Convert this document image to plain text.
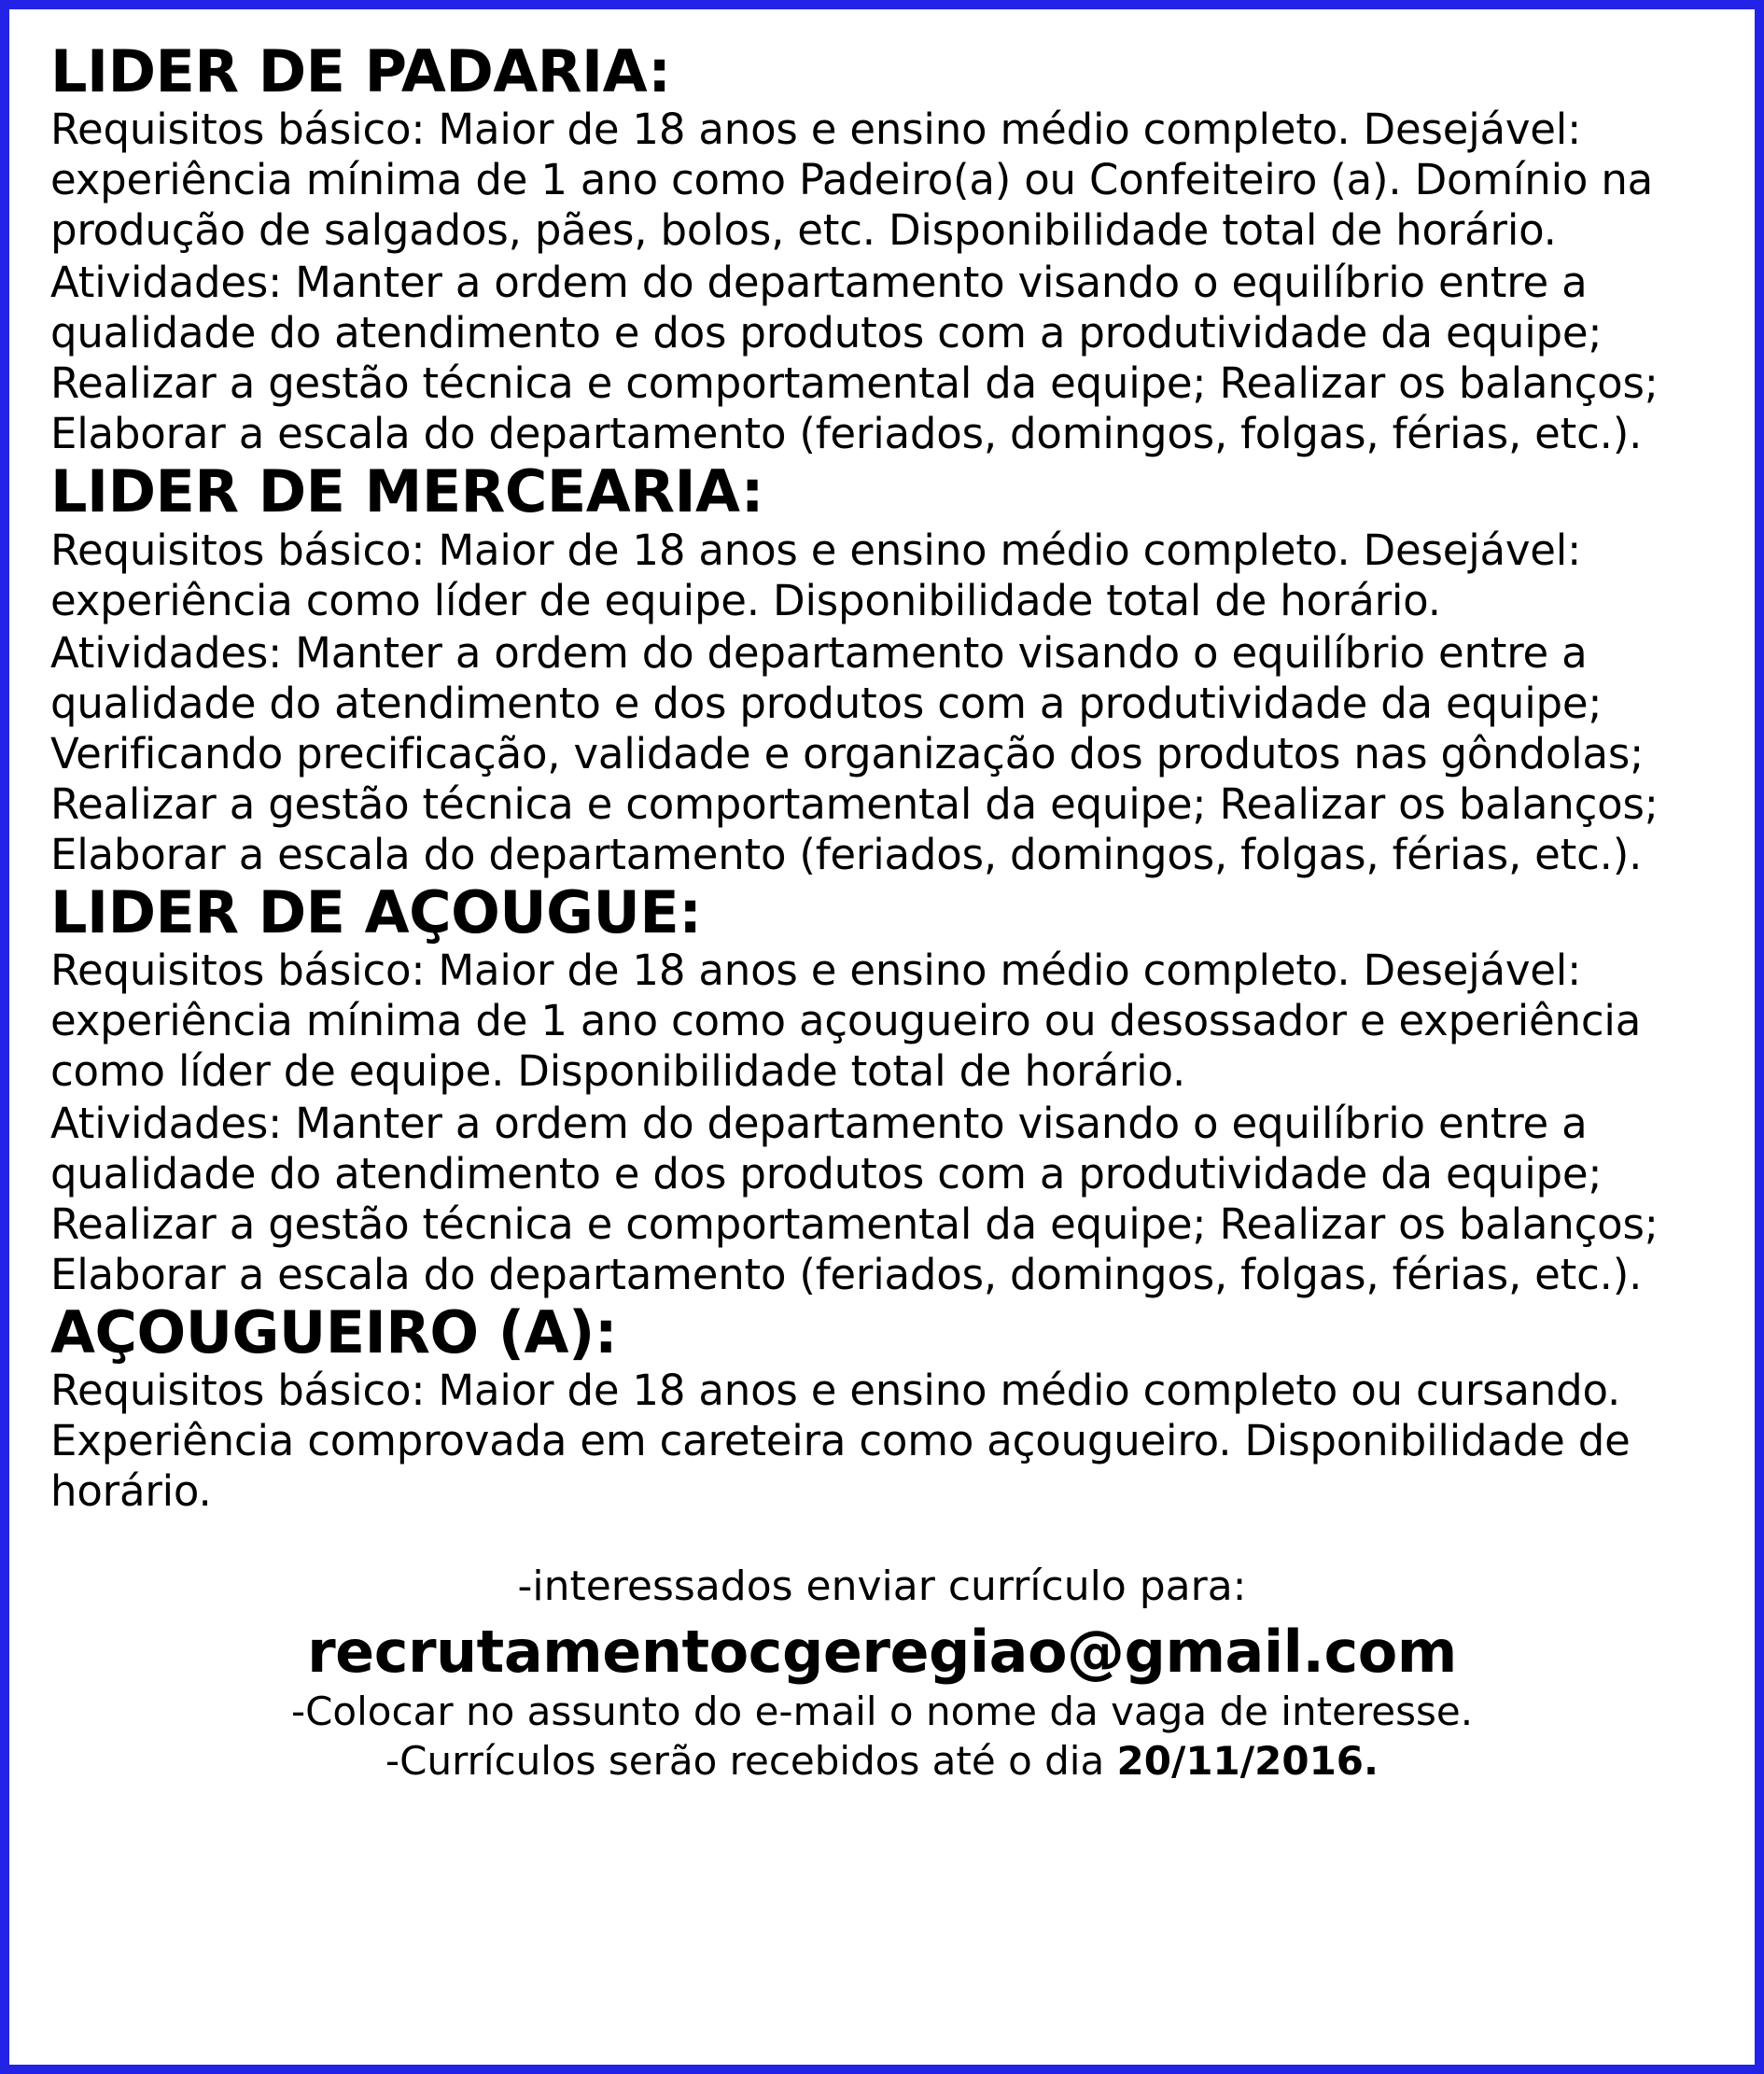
LIDER DE PADARIA:

Requisitos básico: Maior de 18 anos e ensino médio completo. Desejável: experiência mínima de 1 ano como Padeiro(a) ou Confeiteiro (a). Domínio na produção de salgados, pães, bolos, etc. Disponibilidade total de horário.

Atividades: Manter a ordem do departamento visando o equilíbrio entre a qualidade do atendimento e dos produtos com a produtividade da equipe; Realizar a gestão técnica e comportamental da equipe; Realizar os balanços; Elaborar a escala do departamento (feriados, domingos, folgas, férias, etc.).

LIDER DE MERCEARIA:

Requisitos básico: Maior de 18 anos e ensino médio completo. Desejável: experiência como líder de equipe. Disponibilidade total de horário.

Atividades: Manter a ordem do departamento visando o equilíbrio entre a qualidade do atendimento e dos produtos com a produtividade da equipe; Verificando precificação, validade e organização dos produtos nas gôndolas; Realizar a gestão técnica e comportamental da equipe; Realizar os balanços; Elaborar a escala do departamento (feriados, domingos, folgas, férias, etc.).

LIDER DE AÇOUGUE:

Requisitos básico: Maior de 18 anos e ensino médio completo. Desejável: experiência mínima de 1 ano como açougueiro ou desossador e experiência como líder de equipe. Disponibilidade total de horário.

Atividades: Manter a ordem do departamento visando o equilíbrio entre a qualidade do atendimento e dos produtos com a produtividade da equipe; Realizar a gestão técnica e comportamental da equipe; Realizar os balanços; Elaborar a escala do departamento (feriados, domingos, folgas, férias, etc.).

AÇOUGUEIRO (A):

Requisitos básico: Maior de 18 anos e ensino médio completo ou cursando. Experiência comprovada em careteira como açougueiro. Disponibilidade de horário.

-interessados enviar currículo para:

recrutamentocgeregiao@gmail.com

-Colocar no assunto do e-mail o nome da vaga de interesse.

-Currículos serão recebidos até o dia 20/11/2016.
